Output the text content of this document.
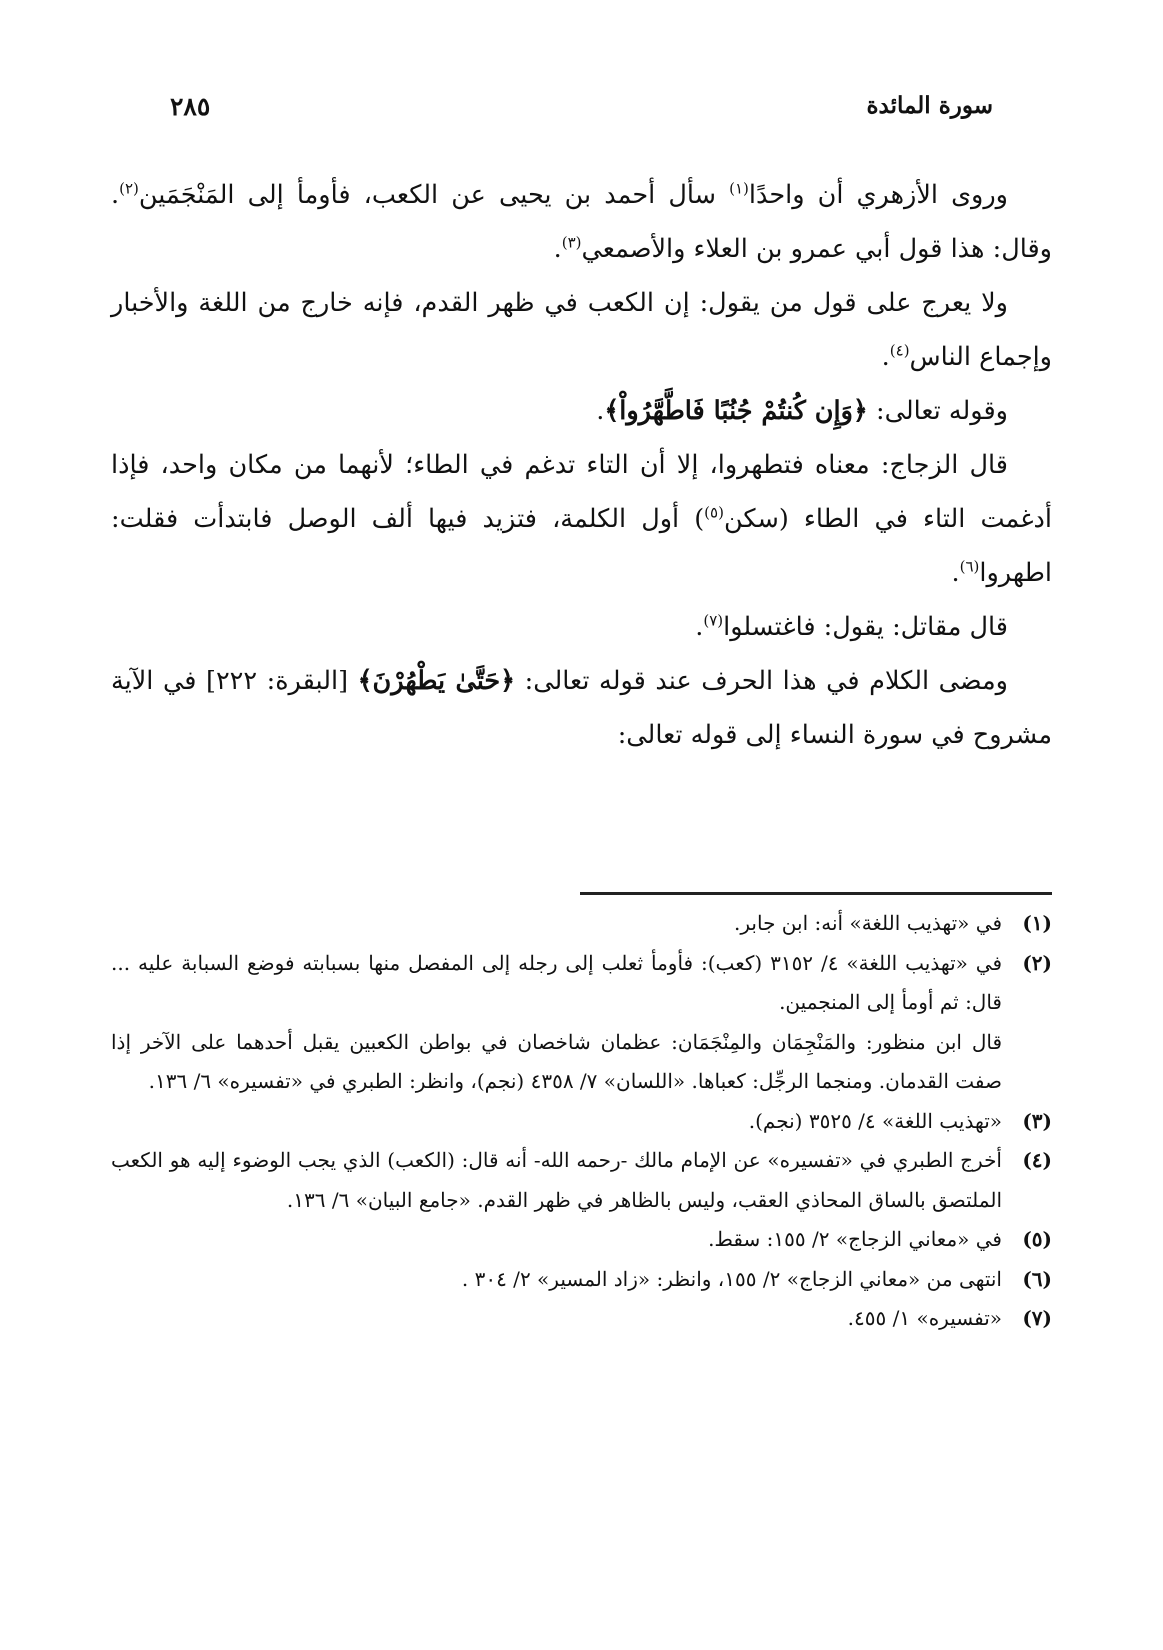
سورة المائدة
٢٨٥

وروى الأزهري أن واحدًا$^{(١)}$ سأل أحمد بن يحيى عن الكعب، فأومأ إلى المَنْجَمَين$^{(٢)}$. وقال: هذا قول أبي عمرو بن العلاء والأصمعي$^{(٣)}$.

ولا يعرج على قول من يقول: إن الكعب في ظهر القدم، فإنه خارج من اللغة والأخبار وإجماع الناس$^{(٤)}$.

وقوله تعالى: ﴿وَإِن كُنتُمْ جُنُبًا فَاطَّهَّرُواْ﴾.

قال الزجاج: معناه فتطهروا، إلا أن التاء تدغم في الطاء؛ لأنهما من مكان واحد، فإذا أدغمت التاء في الطاء (سكن$^{(٥)}$) أول الكلمة، فتزيد فيها ألف الوصل فابتدأت فقلت: اطهروا$^{(٦)}$.

قال مقاتل: يقول: فاغتسلوا$^{(٧)}$.

ومضى الكلام في هذا الحرف عند قوله تعالى: ﴿حَتَّىٰ يَطْهُرْنَ﴾ [البقرة: ٢٢٢] في الآية مشروح في سورة النساء إلى قوله تعالى:

(١)

في «تهذيب اللغة» أنه: ابن جابر.

(٢)

في «تهذيب اللغة» ٤/ ٣١٥٢ (كعب): فأومأ ثعلب إلى رجله إلى المفصل منها بسبابته فوضع السبابة عليه ... قال: ثم أومأ إلى المنجمين.

قال ابن منظور: والمَنْجِمَان والمِنْجَمَان: عظمان شاخصان في بواطن الكعبين يقبل أحدهما على الآخر إذا صفت القدمان. ومنجما الرجِّل: كعباها. «اللسان» ٧/ ٤٣٥٨ (نجم)، وانظر: الطبري في «تفسيره» ٦/ ١٣٦.

(٣)

«تهذيب اللغة» ٤/ ٣٥٢٥ (نجم).

(٤)

أخرج الطبري في «تفسيره» عن الإمام مالك -رحمه الله- أنه قال: (الكعب) الذي يجب الوضوء إليه هو الكعب الملتصق بالساق المحاذي العقب، وليس بالظاهر في ظهر القدم. «جامع البيان» ٦/ ١٣٦.

(٥)

في «معاني الزجاج» ٢/ ١٥٥: سقط.

(٦)

انتهى من «معاني الزجاج» ٢/ ١٥٥، وانظر: «زاد المسير» ٢/ ٣٠٤ .

(٧)

«تفسيره» ١/ ٤٥٥.
